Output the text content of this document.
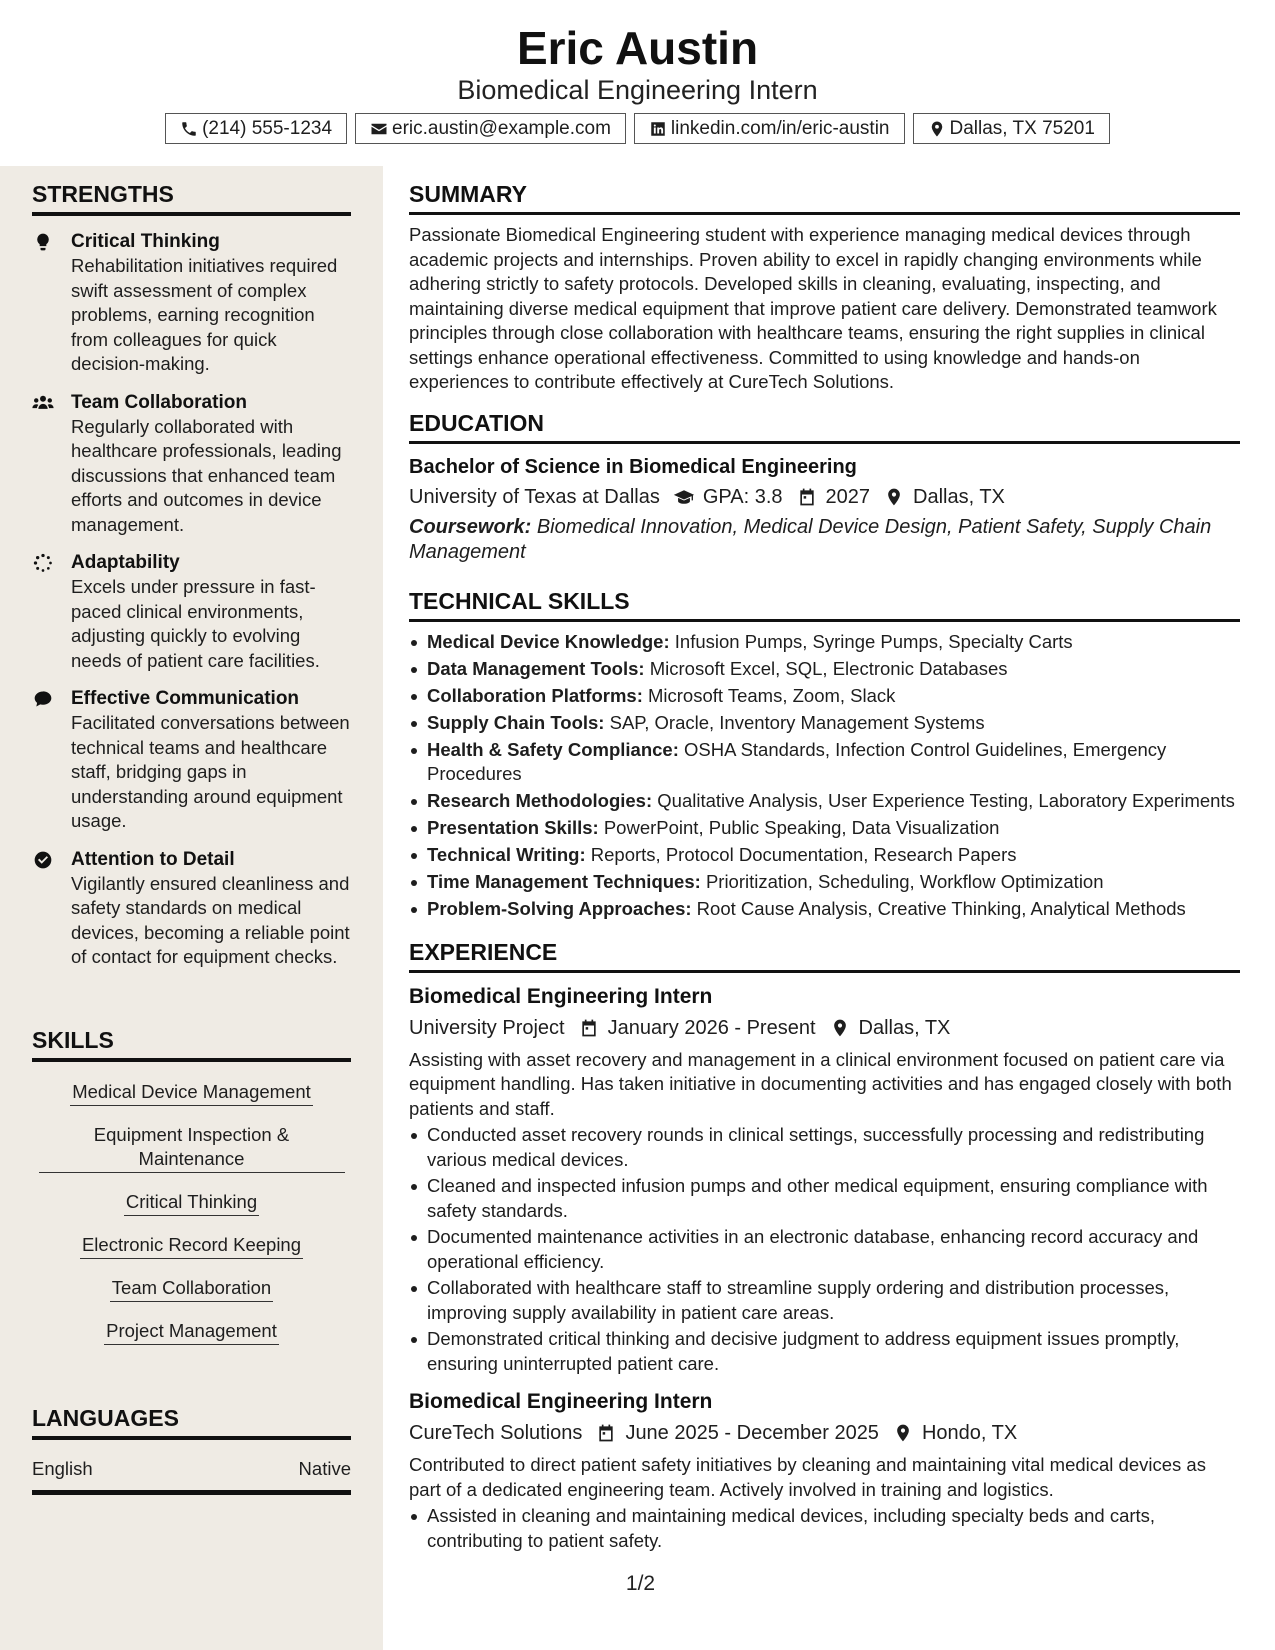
Eric Austin
Biomedical Engineering Intern
(214) 555-1234	eric.austin@example.com	linkedin.com/in/eric-austin	Dallas, TX 75201
STRENGTHS
Critical Thinking
Rehabilitation initiatives required swift assessment of complex problems, earning recognition from colleagues for quick decision-making.
Team Collaboration
Regularly collaborated with healthcare professionals, leading discussions that enhanced team efforts and outcomes in device management.
Adaptability
Excels under pressure in fast-paced clinical environments, adjusting quickly to evolving needs of patient care facilities.
Effective Communication
Facilitated conversations between technical teams and healthcare staff, bridging gaps in understanding around equipment usage.
Attention to Detail
Vigilantly ensured cleanliness and safety standards on medical devices, becoming a reliable point of contact for equipment checks.
SKILLS
Medical Device Management
Equipment Inspection & Maintenance
Critical Thinking
Electronic Record Keeping
Team Collaboration
Project Management
LANGUAGES
English	Native
SUMMARY

Passionate Biomedical Engineering student with experience managing medical devices through academic projects and internships. Proven ability to excel in rapidly changing environments while adhering strictly to safety protocols. Developed skills in cleaning, evaluating, inspecting, and maintaining diverse medical equipment that improve patient care delivery. Demonstrated teamwork principles through close collaboration with healthcare teams, ensuring the right supplies in clinical settings enhance operational effectiveness. Committed to using knowledge and hands-on experiences to contribute effectively at CureTech Solutions.

EDUCATION
Bachelor of Science in Biomedical Engineering
University of Texas at Dallas GPA: 3.8 2027 Dallas, TX
Coursework: Biomedical Innovation, Medical Device Design, Patient Safety, Supply Chain Management
TECHNICAL SKILLS
Medical Device Knowledge: Infusion Pumps, Syringe Pumps, Specialty Carts
Data Management Tools: Microsoft Excel, SQL, Electronic Databases
Collaboration Platforms: Microsoft Teams, Zoom, Slack
Supply Chain Tools: SAP, Oracle, Inventory Management Systems
Health & Safety Compliance: OSHA Standards, Infection Control Guidelines, Emergency Procedures
Research Methodologies: Qualitative Analysis, User Experience Testing, Laboratory Experiments
Presentation Skills: PowerPoint, Public Speaking, Data Visualization
Technical Writing: Reports, Protocol Documentation, Research Papers
Time Management Techniques: Prioritization, Scheduling, Workflow Optimization
Problem-Solving Approaches: Root Cause Analysis, Creative Thinking, Analytical Methods
EXPERIENCE
Biomedical Engineering Intern
University Project January 2026 - Present Dallas, TX

Assisting with asset recovery and management in a clinical environment focused on patient care via equipment handling. Has taken initiative in documenting activities and has engaged closely with both patients and staff.

Conducted asset recovery rounds in clinical settings, successfully processing and redistributing various medical devices.
Cleaned and inspected infusion pumps and other medical equipment, ensuring compliance with safety standards.
Documented maintenance activities in an electronic database, enhancing record accuracy and operational efficiency.
Collaborated with healthcare staff to streamline supply ordering and distribution processes, improving supply availability in patient care areas.
Demonstrated critical thinking and decisive judgment to address equipment issues promptly, ensuring uninterrupted patient care.
Biomedical Engineering Intern
CureTech Solutions June 2025 - December 2025 Hondo, TX

Contributed to direct patient safety initiatives by cleaning and maintaining vital medical devices as part of a dedicated engineering team. Actively involved in training and logistics.

Assisted in cleaning and maintaining medical devices, including specialty beds and carts, contributing to patient safety.
1/2
